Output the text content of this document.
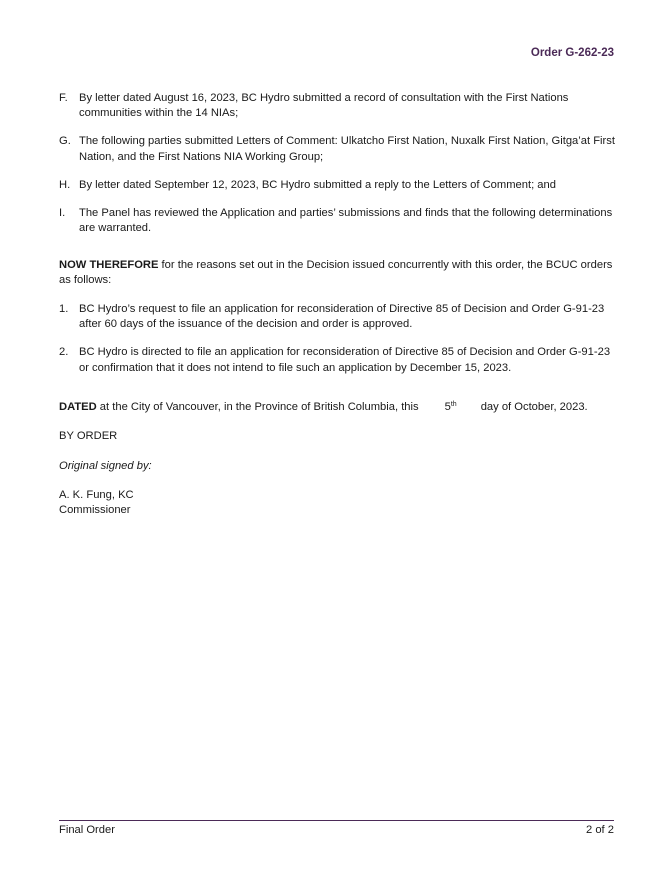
Order G-262-23
F.	By letter dated August 16, 2023, BC Hydro submitted a record of consultation with the First Nations communities within the 14 NIAs;
G. The following parties submitted Letters of Comment: Ulkatcho First Nation, Nuxalk First Nation, Gitga’at First Nation, and the First Nations NIA Working Group;
H. By letter dated September 12, 2023, BC Hydro submitted a reply to the Letters of Comment; and
I.	The Panel has reviewed the Application and parties’ submissions and finds that the following determinations are warranted.
NOW THEREFORE for the reasons set out in the Decision issued concurrently with this order, the BCUC orders as follows:
1. BC Hydro’s request to file an application for reconsideration of Directive 85 of Decision and Order G-91-23 after 60 days of the issuance of the decision and order is approved.
2. BC Hydro is directed to file an application for reconsideration of Directive 85 of Decision and Order G-91-23 or confirmation that it does not intend to file such an application by December 15, 2023.
DATED at the City of Vancouver, in the Province of British Columbia, this 5th day of October, 2023.
BY ORDER
Original signed by:
A. K. Fung, KC
Commissioner
Final Order	2 of 2
